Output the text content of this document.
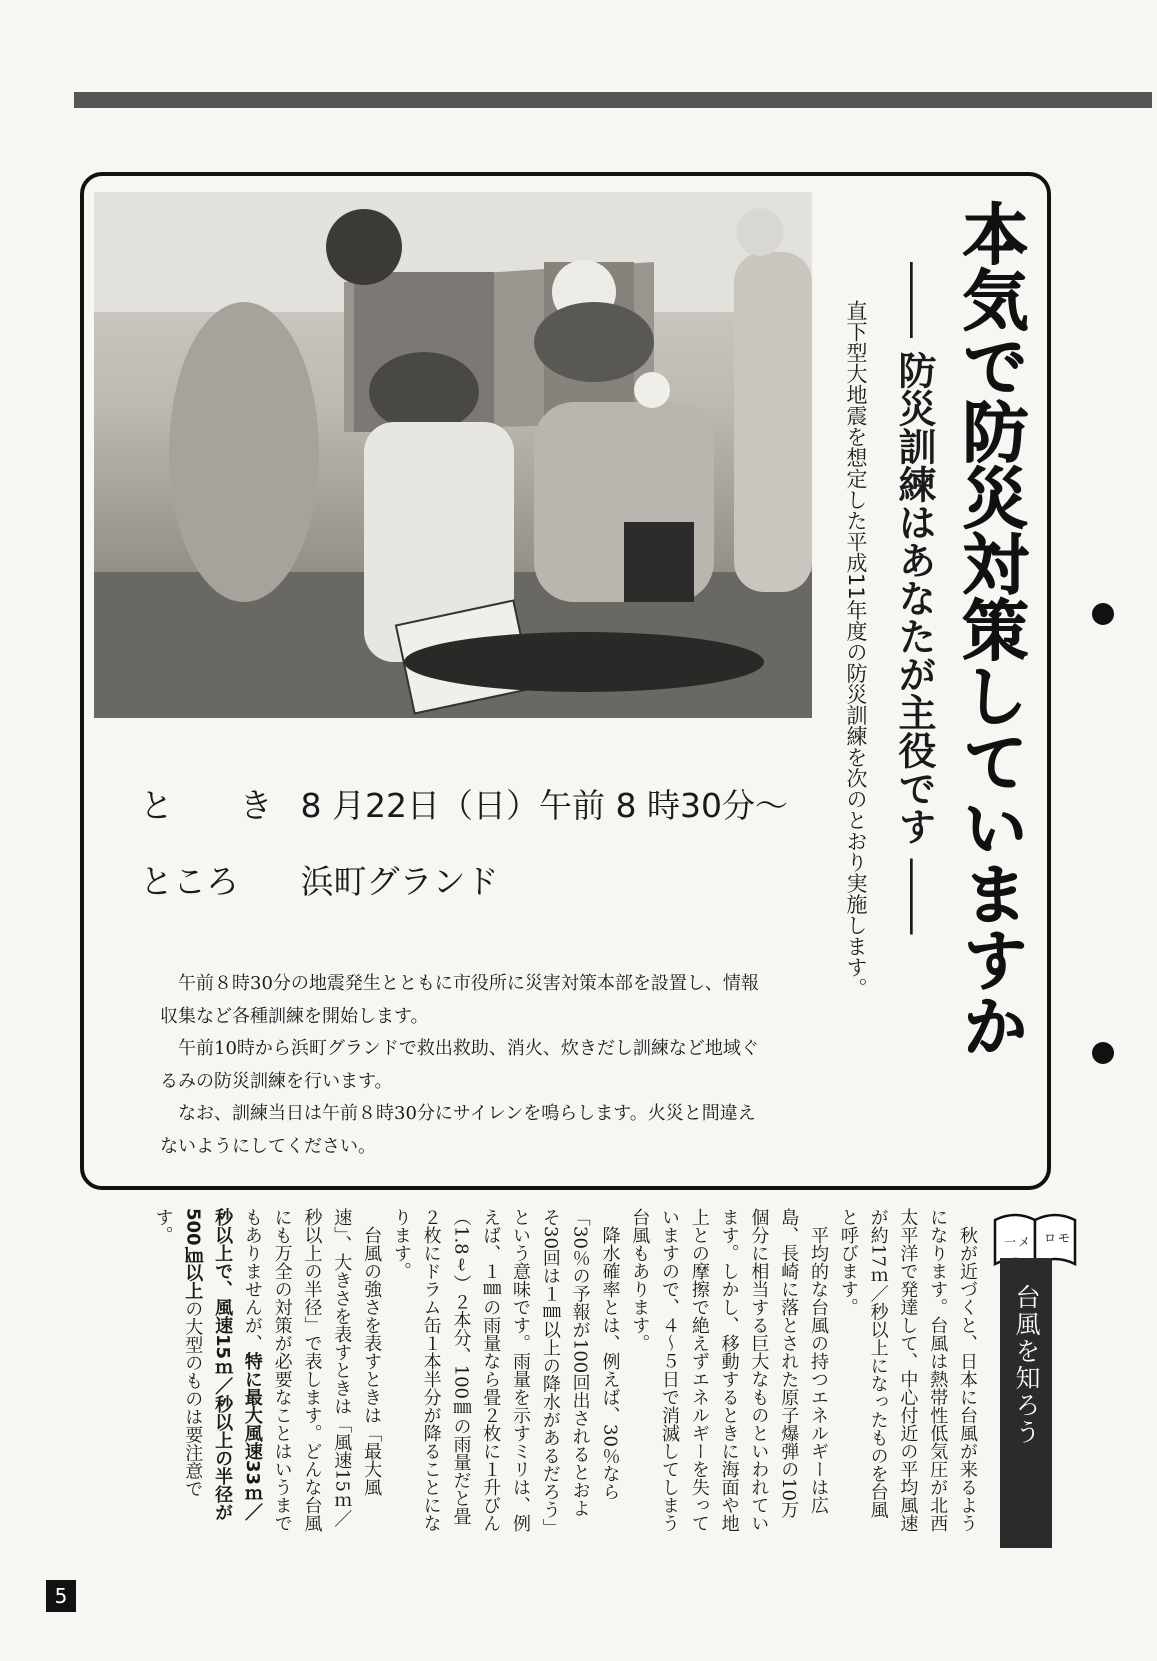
本気で防災対策していますか
―― 防災訓練はあなたが主役です ――
直下型大地震を想定した平成11年度の防災訓練を次のとおり実施します。
と き 8 月22日（日）午前 8 時30分～
ところ 浜町グランド

午前８時30分の地震発生とともに市役所に災害対策本部を設置し、情報収集など各種訓練を開始します。

午前10時から浜町グランドで救出救助、消火、炊きだし訓練など地域ぐるみの防災訓練を行います。

なお、訓練当日は午前８時30分にサイレンを鳴らします。火災と間違えないようにしてください。

ロ モ
一 メ
台風を知ろう

秋が近づくと、日本に台風が来るようになります。台風は熱帯性低気圧が北西太平洋で発達して、中心付近の平均風速が約17ｍ／秒以上になったものを台風と呼びます。

平均的な台風の持つエネルギーは広島、長崎に落とされた原子爆弾の10万個分に相当する巨大なものといわれています。しかし、移動するときに海面や地上との摩擦で絶えずエネルギーを失っていますので、４～５日で消滅してしまう台風もあります。

降水確率とは、例えば、30％なら「30％の予報が100回出されるとおよそ30回は１㎜以上の降水があるだろう」という意味です。雨量を示すミリは、例えば、１㎜の雨量なら畳２枚に１升びん（1.8ℓ）２本分、100㎜の雨量だと畳２枚にドラム缶１本半分が降ることになります。

台風の強さを表すときは「最大風速」、大きさを表すときは「風速15ｍ／秒以上の半径」で表します。どんな台風にも万全の対策が必要なことはいうまでもありませんが、特に最大風速33ｍ／秒以上で、風速15ｍ／秒以上の半径が500㎞以上の大型のものは要注意です。

5
